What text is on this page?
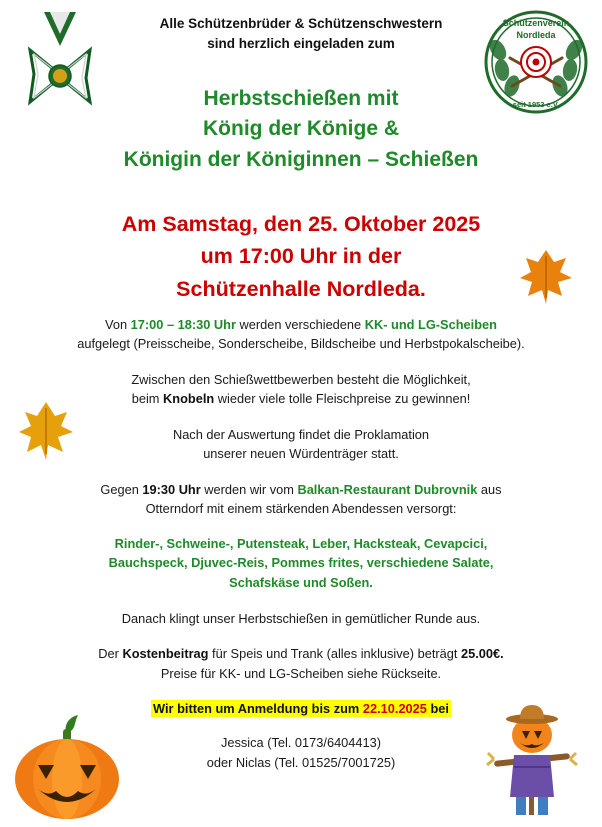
Schützenverein
Nordleda
seit 1953 e.V.
Alle Schützenbrüder & Schützenschwestern
sind herzlich eingeladen zum
Herbstschießen mit
König der Könige &
Königin der Königinnen – Schießen
Am Samstag, den 25. Oktober 2025
um 17:00 Uhr in der
Schützenhalle Nordleda.

Von 17:00 – 18:30 Uhr werden verschiedene KK- und LG-Scheiben
aufgelegt (Preisscheibe, Sonderscheibe, Bildscheibe und Herbstpokalscheibe).

Zwischen den Schießwettbewerben besteht die Möglichkeit,
beim Knobeln wieder viele tolle Fleischpreise zu gewinnen!

Nach der Auswertung findet die Proklamation
unserer neuen Würdenträger statt.

Gegen 19:30 Uhr werden wir vom Balkan-Restaurant Dubrovnik aus
Otterndorf mit einem stärkenden Abendessen versorgt:

Rinder-, Schweine-, Putensteak, Leber, Hacksteak, Cevapcici,
Bauchspeck, Djuvec-Reis, Pommes frites, verschiedene Salate,
Schafskäse und Soßen.

Danach klingt unser Herbstschießen in gemütlicher Runde aus.

Der Kostenbeitrag für Speis und Trank (alles inklusive) beträgt 25.00€.
Preise für KK- und LG-Scheiben siehe Rückseite.

Wir bitten um Anmeldung bis zum 22.10.2025 bei

Jessica (Tel. 0173/6404413)
oder Niclas (Tel. 01525/7001725)
